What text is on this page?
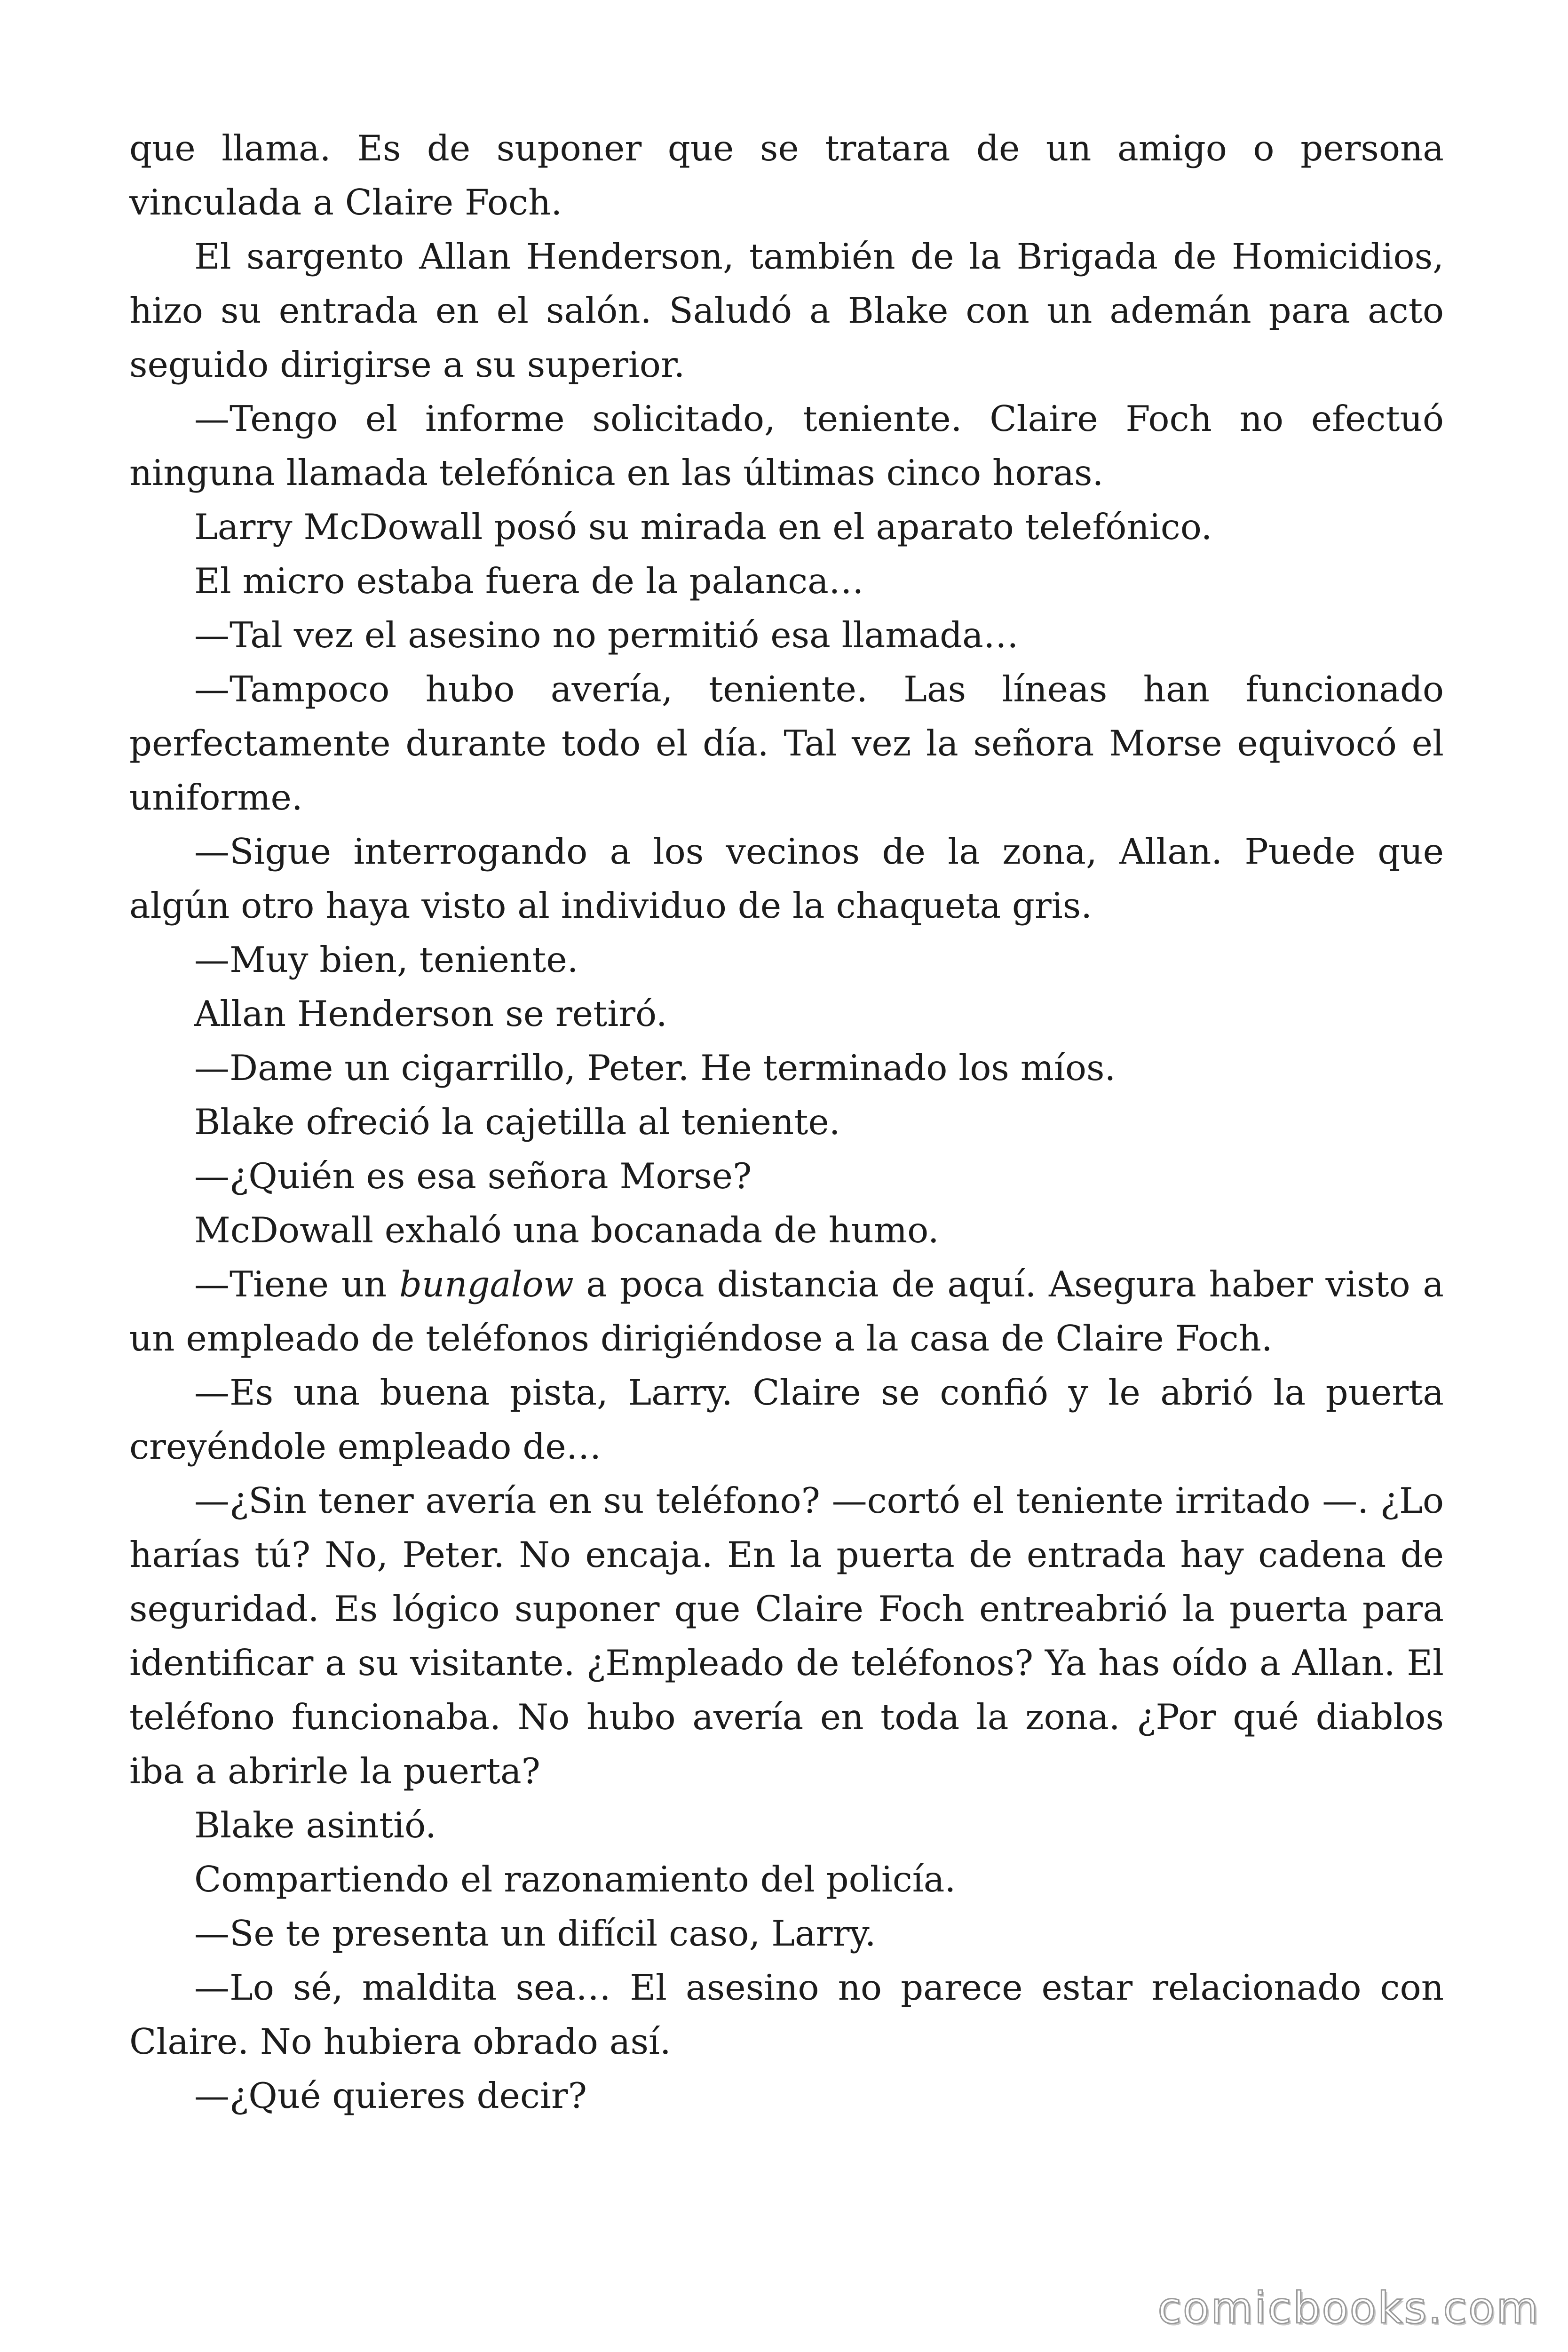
que llama. Es de suponer que se tratara de un amigo o persona vinculada a Claire Foch.

El sargento Allan Henderson, también de la Brigada de Homicidios, hizo su entrada en el salón. Saludó a Blake con un ademán para acto seguido dirigirse a su superior.

—Tengo el informe solicitado, teniente. Claire Foch no efectuó ninguna llamada telefónica en las últimas cinco horas.

Larry McDowall posó su mirada en el aparato telefónico.

El micro estaba fuera de la palanca…

—Tal vez el asesino no permitió esa llamada…

—Tampoco hubo avería, teniente. Las líneas han funcionado perfectamente durante todo el día. Tal vez la señora Morse equivocó el uniforme.

—Sigue interrogando a los vecinos de la zona, Allan. Puede que algún otro haya visto al individuo de la chaqueta gris.

—Muy bien, teniente.

Allan Henderson se retiró.

—Dame un cigarrillo, Peter. He terminado los míos.

Blake ofreció la cajetilla al teniente.

—¿Quién es esa señora Morse?

McDowall exhaló una bocanada de humo.

—Tiene un bungalow a poca distancia de aquí. Asegura haber visto a un empleado de teléfonos dirigiéndose a la casa de Claire Foch.

—Es una buena pista, Larry. Claire se confió y le abrió la puerta creyéndole empleado de…

—¿Sin tener avería en su teléfono? —cortó el teniente irritado —. ¿Lo harías tú? No, Peter. No encaja. En la puerta de entrada hay cadena de seguridad. Es lógico suponer que Claire Foch entreabrió la puerta para identificar a su visitante. ¿Empleado de teléfonos? Ya has oído a Allan. El teléfono funcionaba. No hubo avería en toda la zona. ¿Por qué diablos iba a abrirle la puerta?

Blake asintió.

Compartiendo el razonamiento del policía.

—Se te presenta un difícil caso, Larry.

—Lo sé, maldita sea… El asesino no parece estar relacionado con Claire. No hubiera obrado así.

—¿Qué quieres decir?

comicbooks.com
